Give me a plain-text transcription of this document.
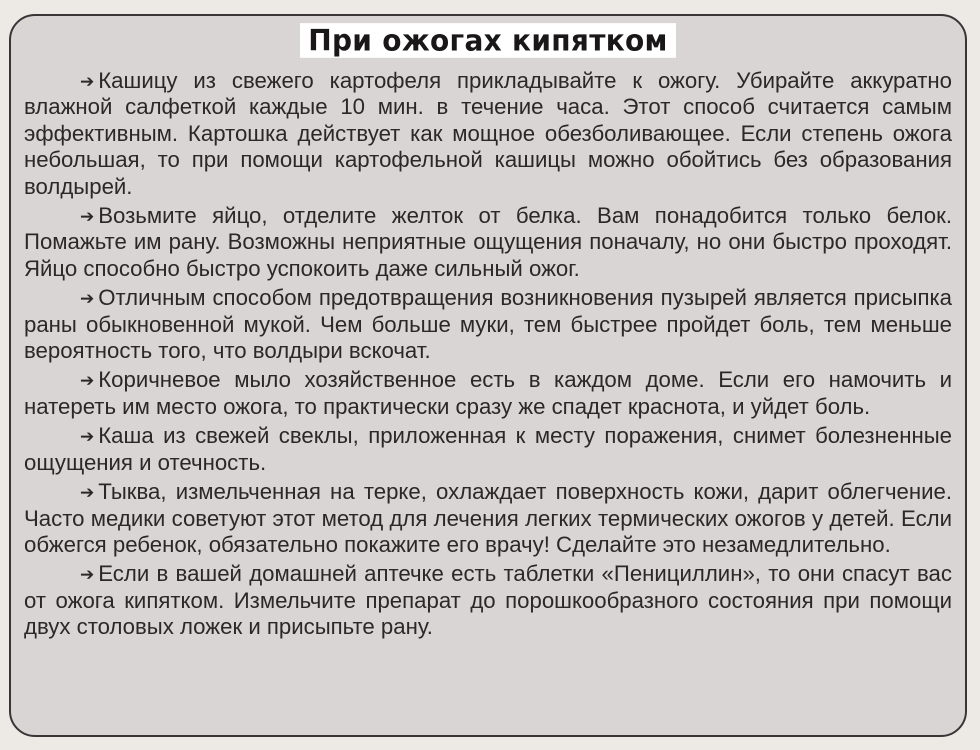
При ожогах кипятком

➔ Кашицу из свежего картофеля прикладывайте к ожогу. Убирайте аккуратно влажной салфеткой каждые 10 мин. в течение часа. Этот способ считается самым эффективным. Картошка действует как мощное обезболивающее. Если степень ожога небольшая, то при помощи картофельной кашицы можно обойтись без образования волдырей.

➔ Возьмите яйцо, отделите желток от белка. Вам понадобится только белок. Помажьте им рану. Возможны неприятные ощущения поначалу, но они быстро проходят. Яйцо способно быстро успокоить даже сильный ожог.

➔ Отличным способом предотвращения возникновения пузырей является присыпка раны обыкновенной мукой. Чем больше муки, тем быстрее пройдет боль, тем меньше вероятность того, что волдыри вскочат.

➔ Коричневое мыло хозяйственное есть в каждом доме. Если его намочить и натереть им место ожога, то практически сразу же спадет краснота, и уйдет боль.

➔ Каша из свежей свеклы, приложенная к месту поражения, снимет болезненные ощущения и отечность.

➔ Тыква, измельченная на терке, охлаждает поверхность кожи, дарит облегчение. Часто медики советуют этот метод для лечения легких термических ожогов у детей. Если обжегся ребенок, обязательно покажите его врачу! Сделайте это незамедлительно.

➔ Если в вашей домашней аптечке есть таблетки «Пенициллин», то они спасут вас от ожога кипятком. Измельчите препарат до порошкообразного состояния при помощи двух столовых ложек и присыпьте рану.
